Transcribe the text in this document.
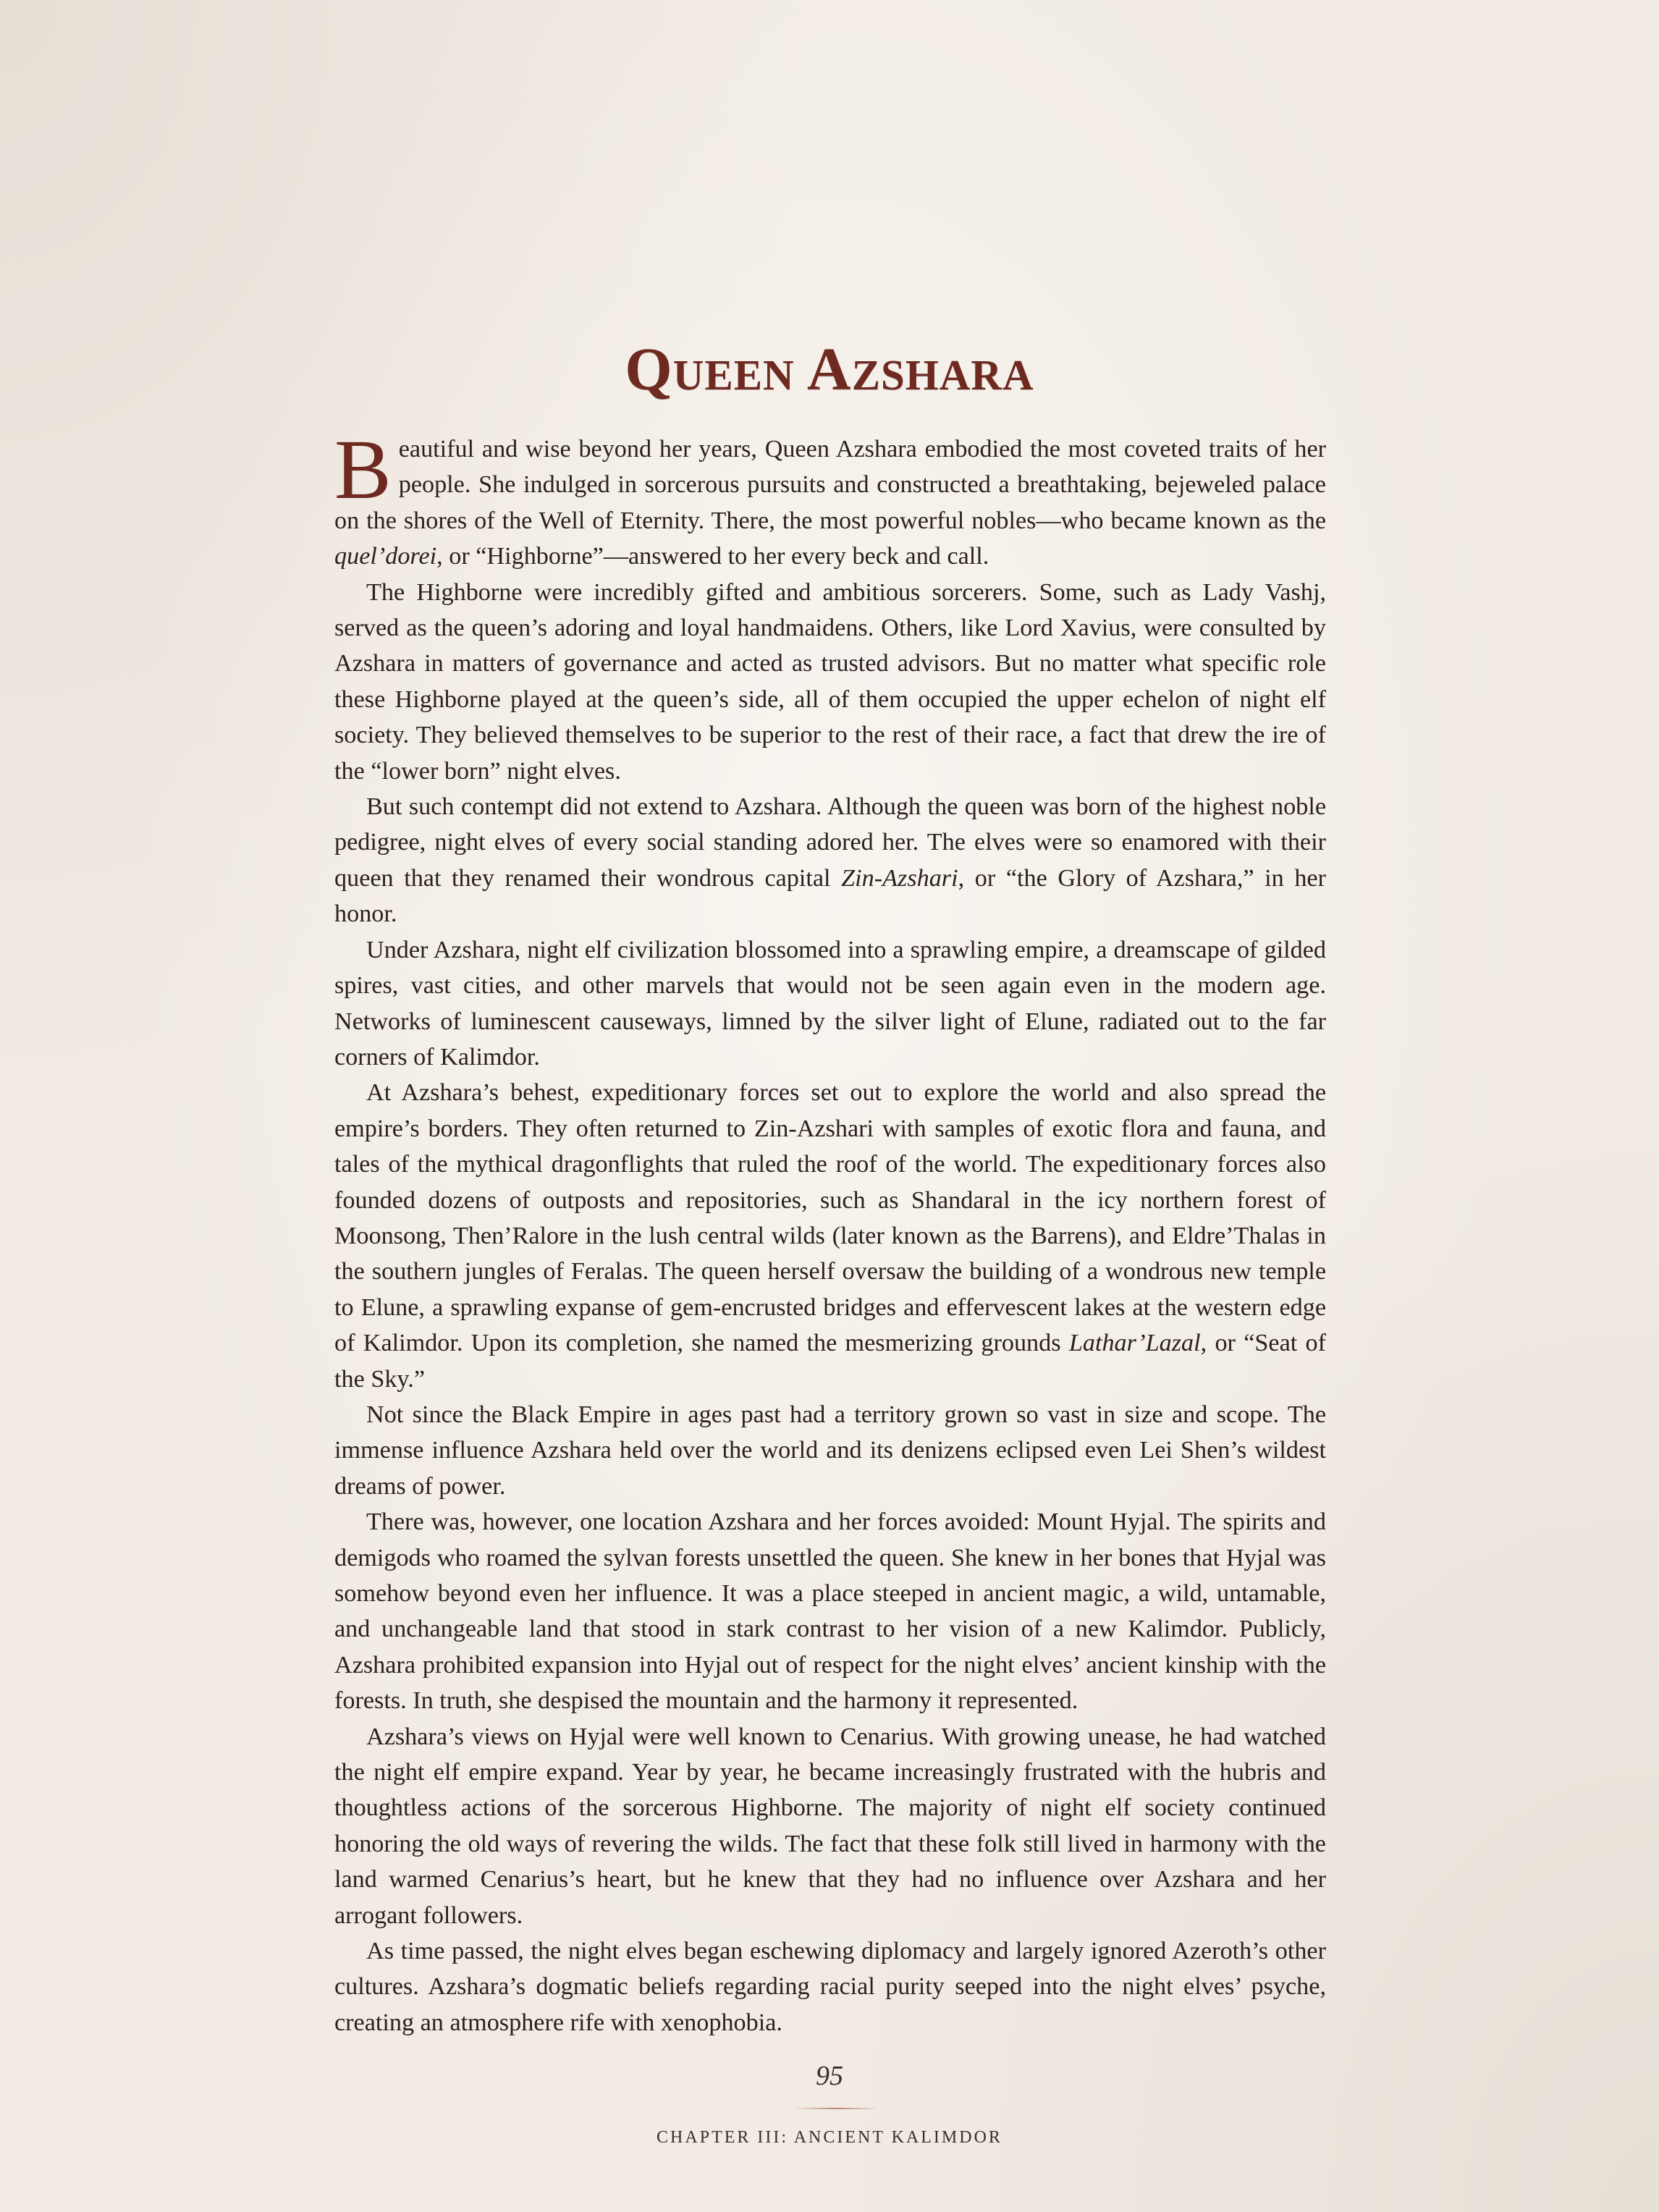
Queen Azshara

Beautiful and wise beyond her years, Queen Azshara embodied the most coveted traits of her people. She indulged in sorcerous pursuits and constructed a breathtaking, bejeweled palace on the shores of the Well of Eternity. There, the most powerful nobles—who became known as the quel’dorei, or “Highborne”—answered to her every beck and call.

The Highborne were incredibly gifted and ambitious sorcerers. Some, such as Lady Vashj, served as the queen’s adoring and loyal handmaidens. Others, like Lord Xavius, were consulted by Azshara in matters of governance and acted as trusted advisors. But no matter what specific role these Highborne played at the queen’s side, all of them occupied the upper echelon of night elf society. They believed themselves to be superior to the rest of their race, a fact that drew the ire of the “lower born” night elves.

But such contempt did not extend to Azshara. Although the queen was born of the highest noble pedigree, night elves of every social standing adored her. The elves were so enamored with their queen that they renamed their wondrous capital Zin-Azshari, or “the Glory of Azshara,” in her honor.

Under Azshara, night elf civilization blossomed into a sprawling empire, a dreamscape of gilded spires, vast cities, and other marvels that would not be seen again even in the modern age. Networks of luminescent causeways, limned by the silver light of Elune, radiated out to the far corners of Kalimdor.

At Azshara’s behest, expeditionary forces set out to explore the world and also spread the empire’s borders. They often returned to Zin-Azshari with samples of exotic flora and fauna, and tales of the mythical dragonflights that ruled the roof of the world. The expeditionary forces also founded dozens of outposts and repositories, such as Shandaral in the icy northern forest of Moonsong, Then’Ralore in the lush central wilds (later known as the Barrens), and Eldre’Thalas in the southern jungles of Feralas. The queen herself oversaw the building of a wondrous new temple to Elune, a sprawling expanse of gem-encrusted bridges and effervescent lakes at the western edge of Kalimdor. Upon its completion, she named the mesmerizing grounds Lathar’Lazal, or “Seat of the Sky.”

Not since the Black Empire in ages past had a territory grown so vast in size and scope. The immense influence Azshara held over the world and its denizens eclipsed even Lei Shen’s wildest dreams of power.

There was, however, one location Azshara and her forces avoided: Mount Hyjal. The spirits and demigods who roamed the sylvan forests unsettled the queen. She knew in her bones that Hyjal was somehow beyond even her influence. It was a place steeped in ancient magic, a wild, untamable, and unchangeable land that stood in stark contrast to her vision of a new Kalimdor. Publicly, Azshara prohibited expansion into Hyjal out of respect for the night elves’ ancient kinship with the forests. In truth, she despised the mountain and the harmony it represented.

Azshara’s views on Hyjal were well known to Cenarius. With growing unease, he had watched the night elf empire expand. Year by year, he became increasingly frustrated with the hubris and thoughtless actions of the sorcerous Highborne. The majority of night elf society continued honoring the old ways of revering the wilds. The fact that these folk still lived in harmony with the land warmed Cenarius’s heart, but he knew that they had no influence over Azshara and her arrogant followers.

As time passed, the night elves began eschewing diplomacy and largely ignored Azeroth’s other cultures. Azshara’s dogmatic beliefs regarding racial purity seeped into the night elves’ psyche, creating an atmosphere rife with xenophobia.

95
CHAPTER III: ANCIENT KALIMDOR
